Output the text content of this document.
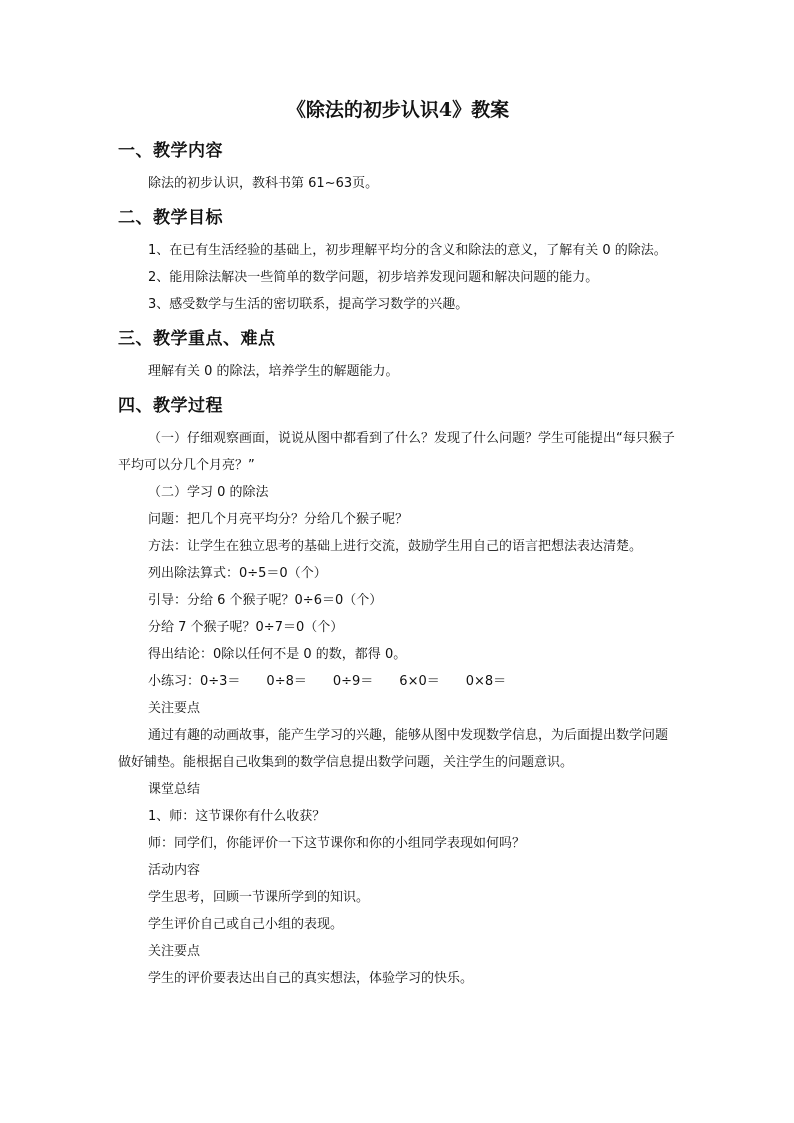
《除法的初步认识4》教案
一、教学内容

除法的初步认识，教科书第 61~63页。

二、教学目标

1、在已有生活经验的基础上，初步理解平均分的含义和除法的意义，了解有关 0 的除法。

2、能用除法解决一些简单的数学问题，初步培养发现问题和解决问题的能力。

3、感受数学与生活的密切联系，提高学习数学的兴趣。

三、教学重点、难点

理解有关 0 的除法，培养学生的解题能力。

四、教学过程

（一）仔细观察画面，说说从图中都看到了什么？发现了什么问题？学生可能提出“每只猴子平均可以分几个月亮？”

（二）学习 0 的除法

问题：把几个月亮平均分？分给几个猴子呢？

方法：让学生在独立思考的基础上进行交流，鼓励学生用自己的语言把想法表达清楚。

列出除法算式：0÷5＝0（个）

引导：分给 6 个猴子呢？0÷6＝0（个）

分给 7 个猴子呢？0÷7＝0（个）

得出结论：0除以任何不是 0 的数，都得 0。

小练习：0÷3＝　　0÷8＝　　0÷9＝　　6×0＝　　0×8＝

关注要点

通过有趣的动画故事，能产生学习的兴趣，能够从图中发现数学信息，为后面提出数学问题做好铺垫。能根据自己收集到的数学信息提出数学问题，关注学生的问题意识。

课堂总结

1、师：这节课你有什么收获？

师：同学们，你能评价一下这节课你和你的小组同学表现如何吗？

活动内容

学生思考，回顾一节课所学到的知识。

学生评价自己或自己小组的表现。

关注要点

学生的评价要表达出自己的真实想法，体验学习的快乐。
